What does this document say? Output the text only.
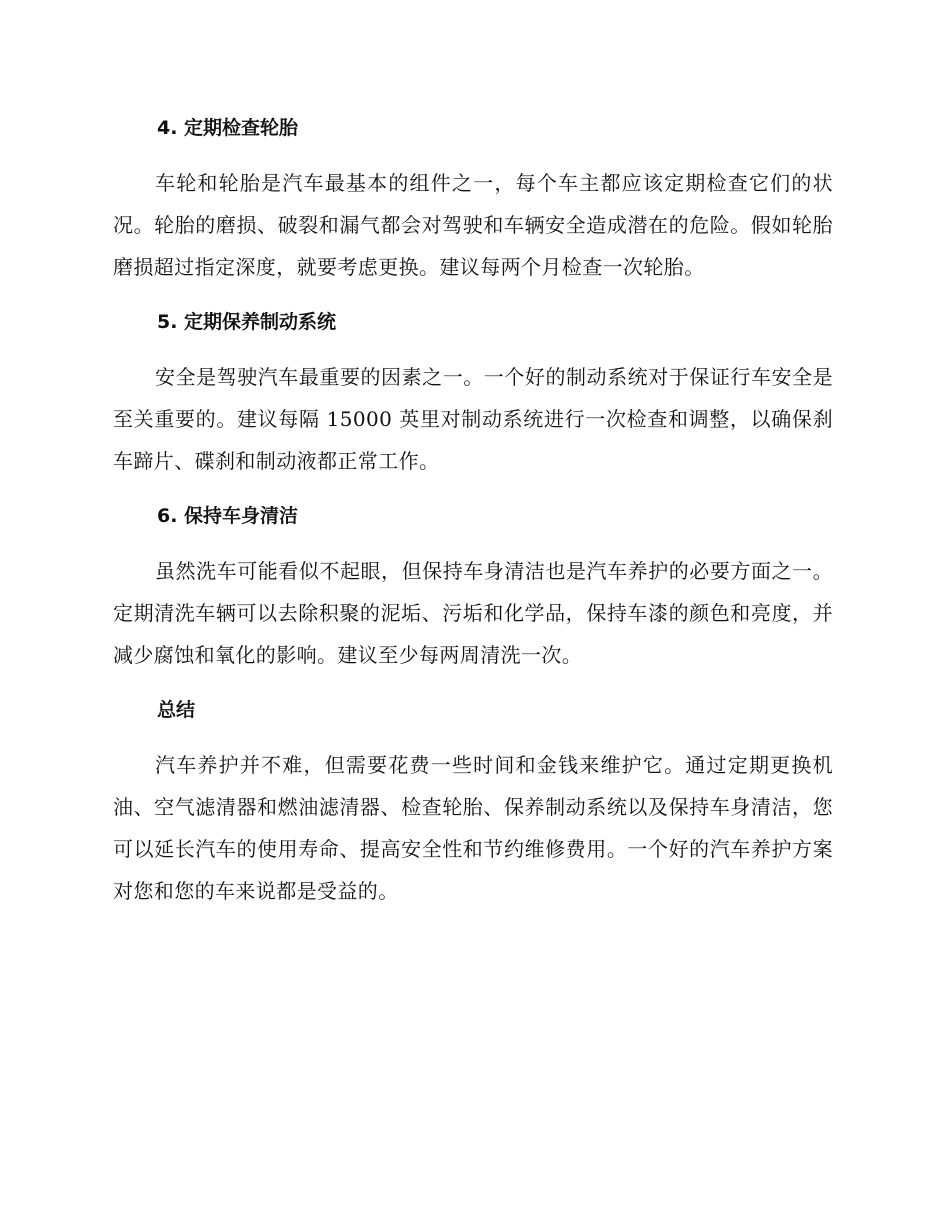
4. 定期检查轮胎

车轮和轮胎是汽车最基本的组件之一，每个车主都应该定期检查它们的状况。轮胎的磨损、破裂和漏气都会对驾驶和车辆安全造成潜在的危险。假如轮胎磨损超过指定深度，就要考虑更换。建议每两个月检查一次轮胎。

5. 定期保养制动系统

安全是驾驶汽车最重要的因素之一。一个好的制动系统对于保证行车安全是至关重要的。建议每隔 15000 英里对制动系统进行一次检查和调整，以确保刹车蹄片、碟刹和制动液都正常工作。

6. 保持车身清洁

虽然洗车可能看似不起眼，但保持车身清洁也是汽车养护的必要方面之一。定期清洗车辆可以去除积聚的泥垢、污垢和化学品，保持车漆的颜色和亮度，并减少腐蚀和氧化的影响。建议至少每两周清洗一次。

总结

汽车养护并不难，但需要花费一些时间和金钱来维护它。通过定期更换机油、空气滤清器和燃油滤清器、检查轮胎、保养制动系统以及保持车身清洁，您可以延长汽车的使用寿命、提高安全性和节约维修费用。一个好的汽车养护方案对您和您的车来说都是受益的。
